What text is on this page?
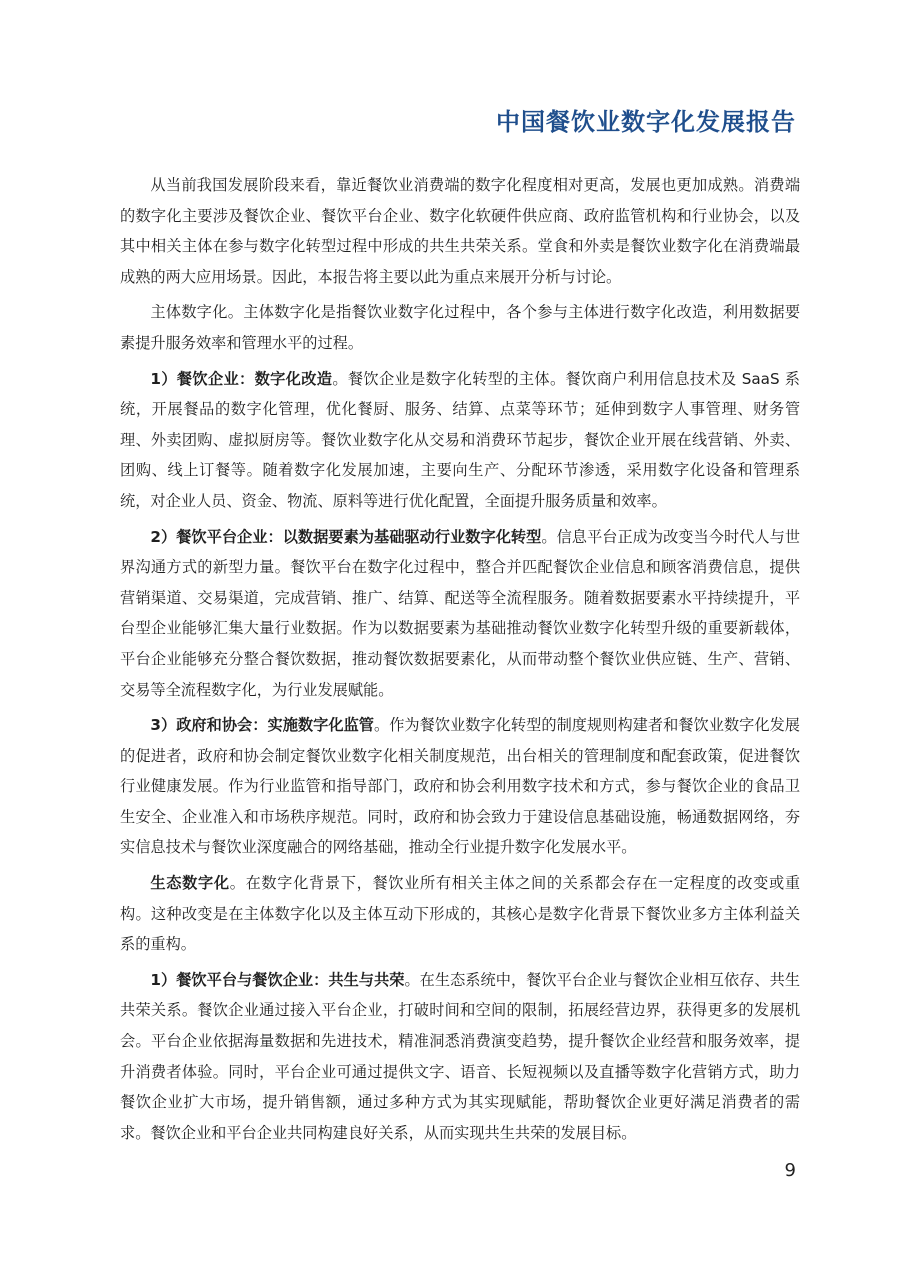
中国餐饮业数字化发展报告

从当前我国发展阶段来看，靠近餐饮业消费端的数字化程度相对更高，发展也更加成熟。消费端的数字化主要涉及餐饮企业、餐饮平台企业、数字化软硬件供应商、政府监管机构和行业协会，以及其中相关主体在参与数字化转型过程中形成的共生共荣关系。堂食和外卖是餐饮业数字化在消费端最成熟的两大应用场景。因此，本报告将主要以此为重点来展开分析与讨论。

主体数字化。主体数字化是指餐饮业数字化过程中，各个参与主体进行数字化改造，利用数据要素提升服务效率和管理水平的过程。

1）餐饮企业：数字化改造。餐饮企业是数字化转型的主体。餐饮商户利用信息技术及 SaaS 系统，开展餐品的数字化管理，优化餐厨、服务、结算、点菜等环节；延伸到数字人事管理、财务管理、外卖团购、虚拟厨房等。餐饮业数字化从交易和消费环节起步，餐饮企业开展在线营销、外卖、团购、线上订餐等。随着数字化发展加速，主要向生产、分配环节渗透，采用数字化设备和管理系统，对企业人员、资金、物流、原料等进行优化配置，全面提升服务质量和效率。

2）餐饮平台企业：以数据要素为基础驱动行业数字化转型。信息平台正成为改变当今时代人与世界沟通方式的新型力量。餐饮平台在数字化过程中，整合并匹配餐饮企业信息和顾客消费信息，提供营销渠道、交易渠道，完成营销、推广、结算、配送等全流程服务。随着数据要素水平持续提升，平台型企业能够汇集大量行业数据。作为以数据要素为基础推动餐饮业数字化转型升级的重要新载体，平台企业能够充分整合餐饮数据，推动餐饮数据要素化，从而带动整个餐饮业供应链、生产、营销、交易等全流程数字化，为行业发展赋能。

3）政府和协会：实施数字化监管。作为餐饮业数字化转型的制度规则构建者和餐饮业数字化发展的促进者，政府和协会制定餐饮业数字化相关制度规范，出台相关的管理制度和配套政策，促进餐饮行业健康发展。作为行业监管和指导部门，政府和协会利用数字技术和方式，参与餐饮企业的食品卫生安全、企业准入和市场秩序规范。同时，政府和协会致力于建设信息基础设施，畅通数据网络，夯实信息技术与餐饮业深度融合的网络基础，推动全行业提升数字化发展水平。

生态数字化。在数字化背景下，餐饮业所有相关主体之间的关系都会存在一定程度的改变或重构。这种改变是在主体数字化以及主体互动下形成的，其核心是数字化背景下餐饮业多方主体利益关系的重构。

1）餐饮平台与餐饮企业：共生与共荣。在生态系统中，餐饮平台企业与餐饮企业相互依存、共生共荣关系。餐饮企业通过接入平台企业，打破时间和空间的限制，拓展经营边界，获得更多的发展机会。平台企业依据海量数据和先进技术，精准洞悉消费演变趋势，提升餐饮企业经营和服务效率，提升消费者体验。同时，平台企业可通过提供文字、语音、长短视频以及直播等数字化营销方式，助力餐饮企业扩大市场，提升销售额，通过多种方式为其实现赋能，帮助餐饮企业更好满足消费者的需求。餐饮企业和平台企业共同构建良好关系，从而实现共生共荣的发展目标。

9
